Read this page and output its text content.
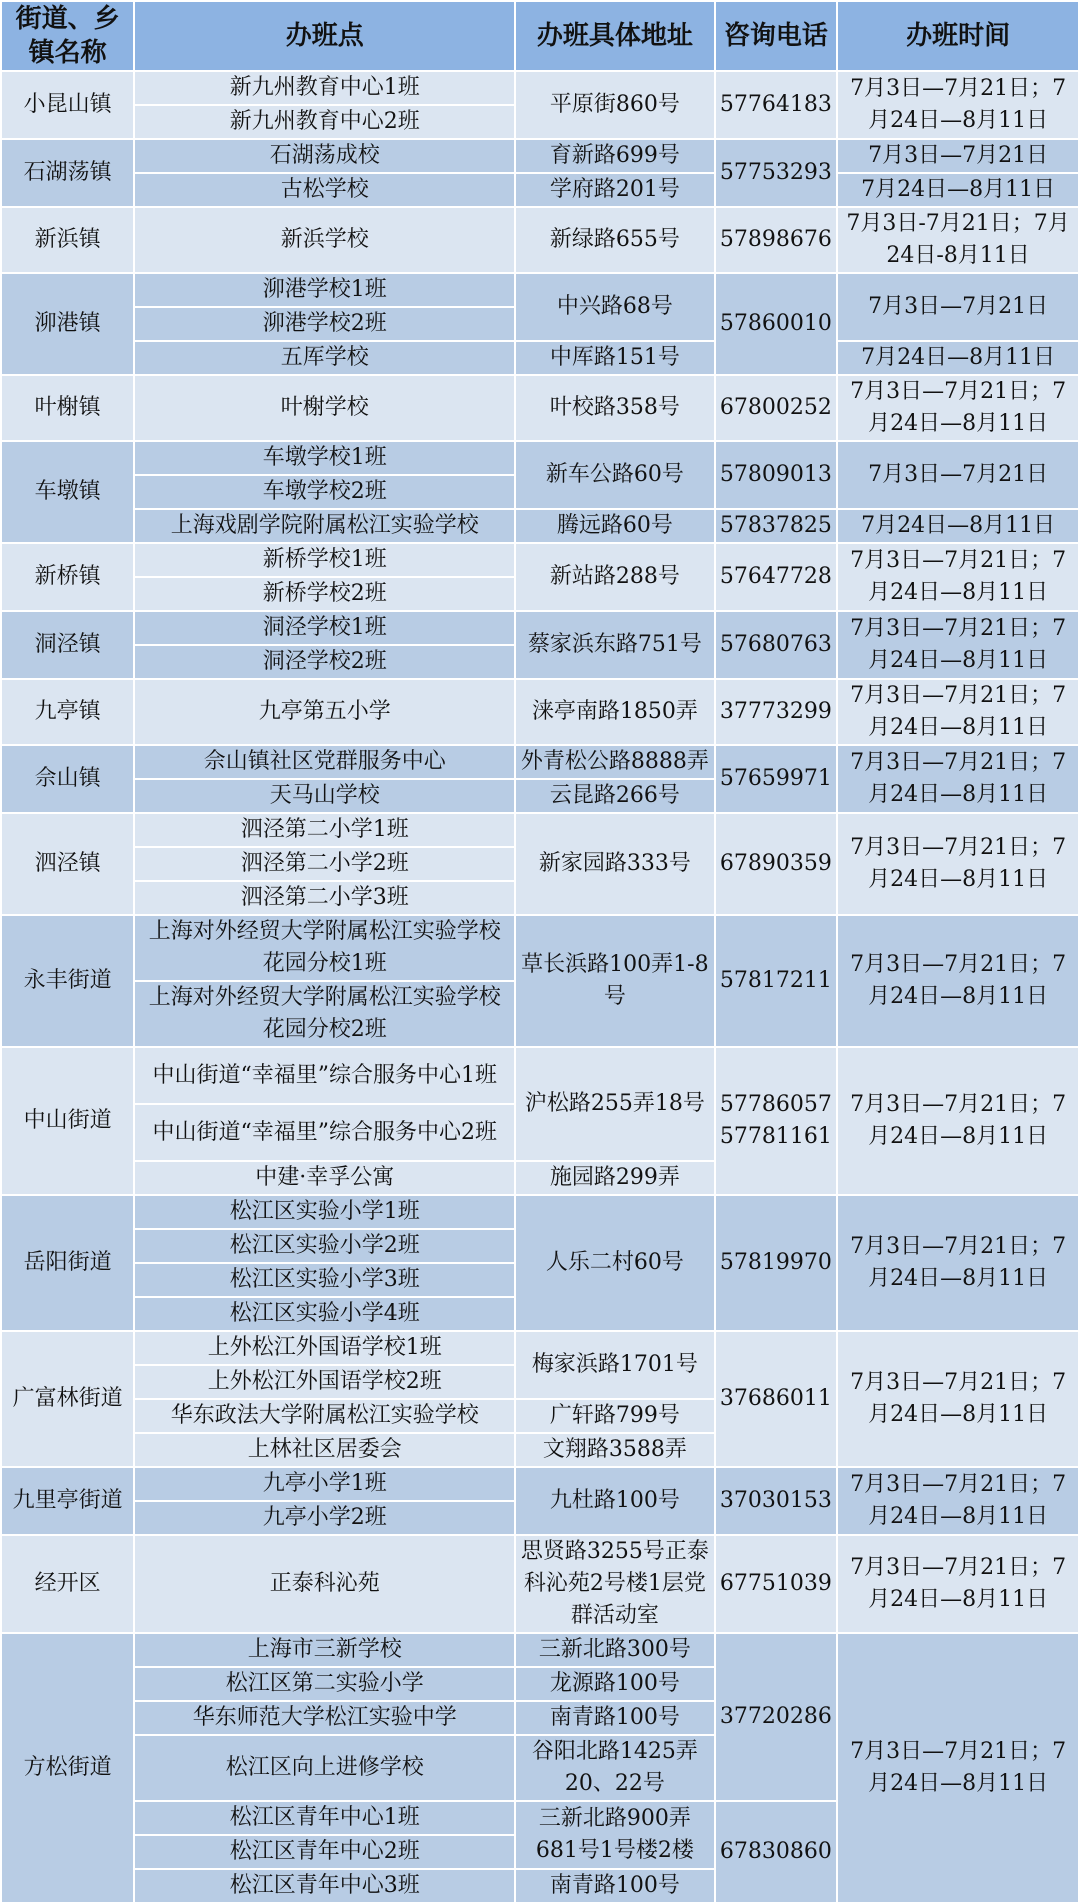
街道、乡镇名称	办班点	办班具体地址	咨询电话	办班时间
小昆山镇	新九州教育中心1班	平原街860号	57764183	7月3日—7月21日；7月24日—8月11日
	新九州教育中心2班			
石湖荡镇	石湖荡成校	育新路699号	57753293	7月3日—7月21日
	古松学校	学府路201号		7月24日—8月11日
新浜镇	新浜学校	新绿路655号	57898676	7月3日-7月21日；7月24日-8月11日
泖港镇	泖港学校1班	中兴路68号	57860010	7月3日—7月21日
	泖港学校2班			
	五厍学校	中厍路151号		7月24日—8月11日
叶榭镇	叶榭学校	叶校路358号	67800252	7月3日—7月21日；7月24日—8月11日
车墩镇	车墩学校1班	新车公路60号	57809013	7月3日—7月21日
	车墩学校2班			
	上海戏剧学院附属松江实验学校	腾远路60号	57837825	7月24日—8月11日
新桥镇	新桥学校1班	新站路288号	57647728	7月3日—7月21日；7月24日—8月11日
	新桥学校2班			
洞泾镇	洞泾学校1班	蔡家浜东路751号	57680763	7月3日—7月21日；7月24日—8月11日
	洞泾学校2班			
九亭镇	九亭第五小学	涞亭南路1850弄	37773299	7月3日—7月21日；7月24日—8月11日
佘山镇	佘山镇社区党群服务中心	外青松公路8888弄	57659971	7月3日—7月21日；7月24日—8月11日
	天马山学校	云昆路266号		
泗泾镇	泗泾第二小学1班	新家园路333号	67890359	7月3日—7月21日；7月24日—8月11日
	泗泾第二小学2班			
	泗泾第二小学3班			
永丰街道	上海对外经贸大学附属松江实验学校花园分校1班	草长浜路100弄1-8号	57817211	7月3日—7月21日；7月24日—8月11日
	上海对外经贸大学附属松江实验学校花园分校2班			
中山街道	中山街道“幸福里”综合服务中心1班	沪松路255弄18号	57786057 57781161	7月3日—7月21日；7月24日—8月11日
	中山街道“幸福里”综合服务中心2班			
	中建·幸孚公寓	施园路299弄		
岳阳街道	松江区实验小学1班	人乐二村60号	57819970	7月3日—7月21日；7月24日—8月11日
	松江区实验小学2班			
	松江区实验小学3班			
	松江区实验小学4班			
广富林街道	上外松江外国语学校1班	梅家浜路1701号	37686011	7月3日—7月21日；7月24日—8月11日
	上外松江外国语学校2班			
	华东政法大学附属松江实验学校	广轩路799号		
	上林社区居委会	文翔路3588弄		
九里亭街道	九亭小学1班	九杜路100号	37030153	7月3日—7月21日；7月24日—8月11日
	九亭小学2班			
经开区	正泰科沁苑	思贤路3255号正泰科沁苑2号楼1层党群活动室	67751039	7月3日—7月21日；7月24日—8月11日
方松街道	上海市三新学校	三新北路300号	37720286	7月3日—7月21日；7月24日—8月11日
	松江区第二实验小学	龙源路100号		
	华东师范大学松江实验中学	南青路100号		
	松江区向上进修学校	谷阳北路1425弄20、22号		
	松江区青年中心1班	三新北路900弄681号1号楼2楼	67830860	
	松江区青年中心2班			
	松江区青年中心3班	南青路100号		
